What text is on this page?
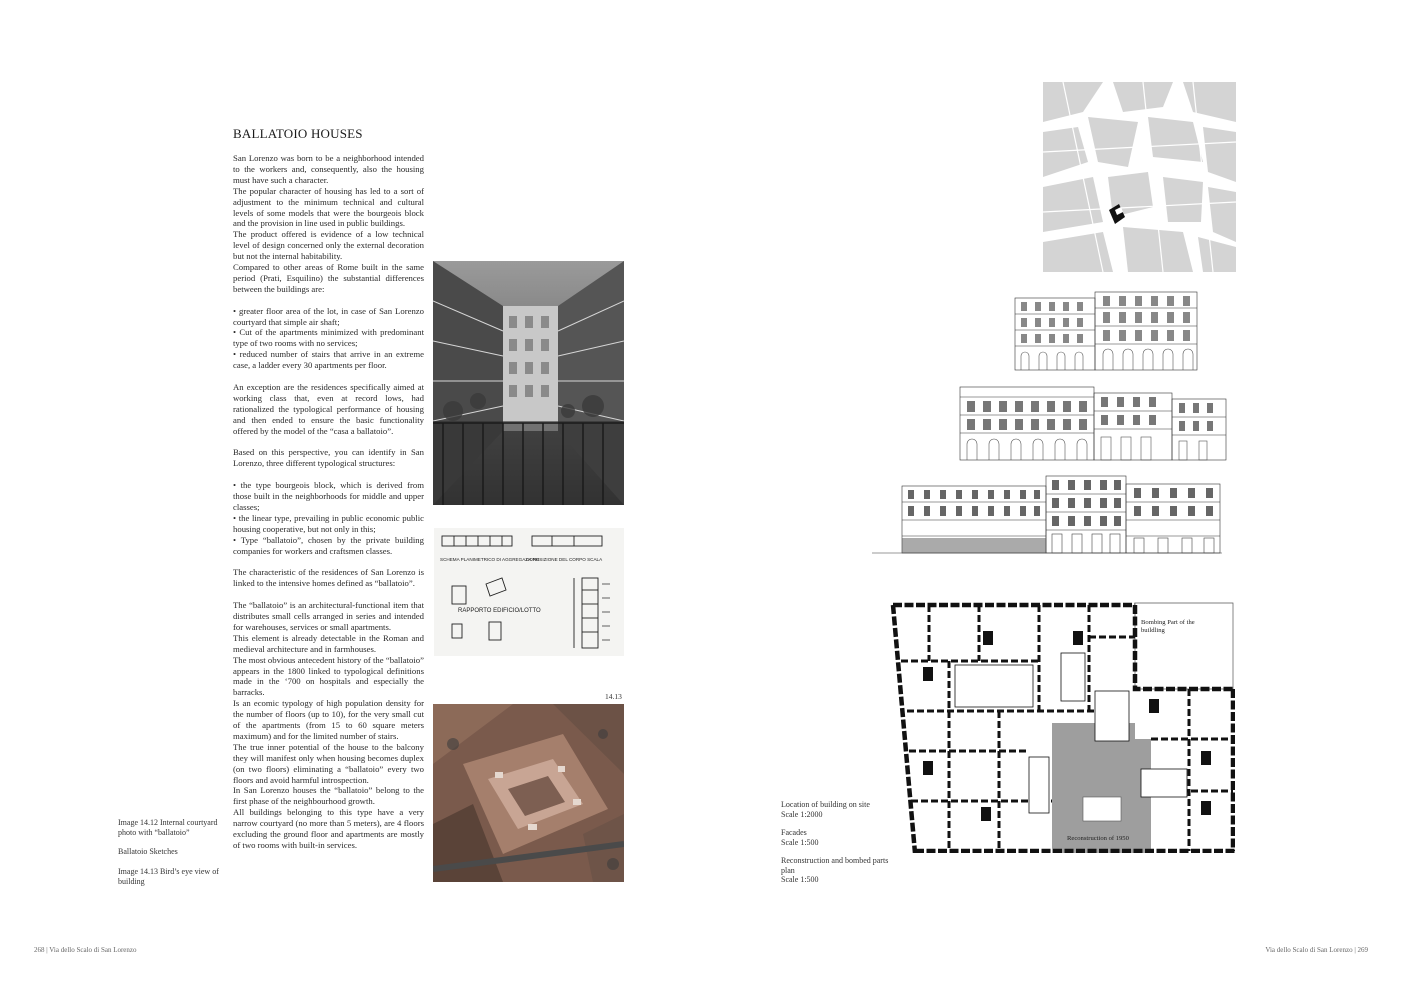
BALLATOIO HOUSES

San Lorenzo was born to be a neighborhood intended to the workers and, consequently, also the housing must have such a character.

The popular character of housing has led to a sort of adjustment to the minimum technical and cultural levels of some models that were the bourgeois block and the provision in line used in public buildings.

The product offered is evidence of a low technical level of design concerned only the external decoration but not the internal habitability.

Compared to other areas of Rome built in the same period (Prati, Esquilino) the substantial differences between the buildings are:

• greater floor area of the lot, in case of San Lorenzo courtyard that simple air shaft;

• Cut of the apartments minimized with predominant type of two rooms with no services;

• reduced number of stairs that arrive in an extreme case, a ladder every 30 apartments per floor.

An exception are the residences specifically aimed at working class that, even at record lows, had rationalized the typological performance of housing and then ended to ensure the basic functionality offered by the model of the “casa a ballatoio”.

Based on this perspective, you can identify in San Lorenzo, three different typological structures:

• the type bourgeois block, which is derived from those built in the neighborhoods for middle and upper classes;

• the linear type, prevailing in public economic public housing cooperative, but not only in this;

• Type “ballatoio”, chosen by the private building companies for workers and craftsmen classes.

The characteristic of the residences of San Lorenzo is linked to the intensive homes defined as “ballatoio”.

The “ballatoio” is an architectural-functional item that distributes small cells arranged in series and intended for warehouses, services or small apartments.

This element is already detectable in the Roman and medieval architecture and in farmhouses.

The most obvious antecedent history of the “ballatoio” appears in the 1800 linked to typological definitions made in the ‘700 on hospitals and especially the barracks.

Is an ecomic typology of high population density for the number of floors (up to 10), for the very small cut of the apartments (from 15 to 60 square meters maximum) and for the limited number of stairs.

The true inner potential of the house to the balcony they will manifest only when housing becomes duplex (on two floors) eliminating a “ballatoio” every two floors and avoid harmful introspection.

In San Lorenzo houses the “ballatoio” belong to the first phase of the neighbourhood growth.

All buildings belonging to this type have a very narrow courtyard (no more than 5 meters), are 4 floors excluding the ground floor and apartments are mostly of two rooms with built-in services.

Image 14.12 Internal courtyard photo with “ballatoio”
Ballatoio Sketches
Image 14.13 Bird’s eye view of building
SCHEMA PLANIMETRICO DI AGGREGAZIONE
LA POSIZIONE DEL CORPO SCALA
RAPPORTO EDIFICIO/LOTTO
14.13
268 | Via dello Scalo di San Lorenzo
Bombing Part of the buildling
Reconstruction of 1950
Location of building on site
Scale 1:2000
Facades
Scale 1:500
Reconstruction and bombed parts plan
Scale 1:500
Via dello Scalo di San Lorenzo | 269
